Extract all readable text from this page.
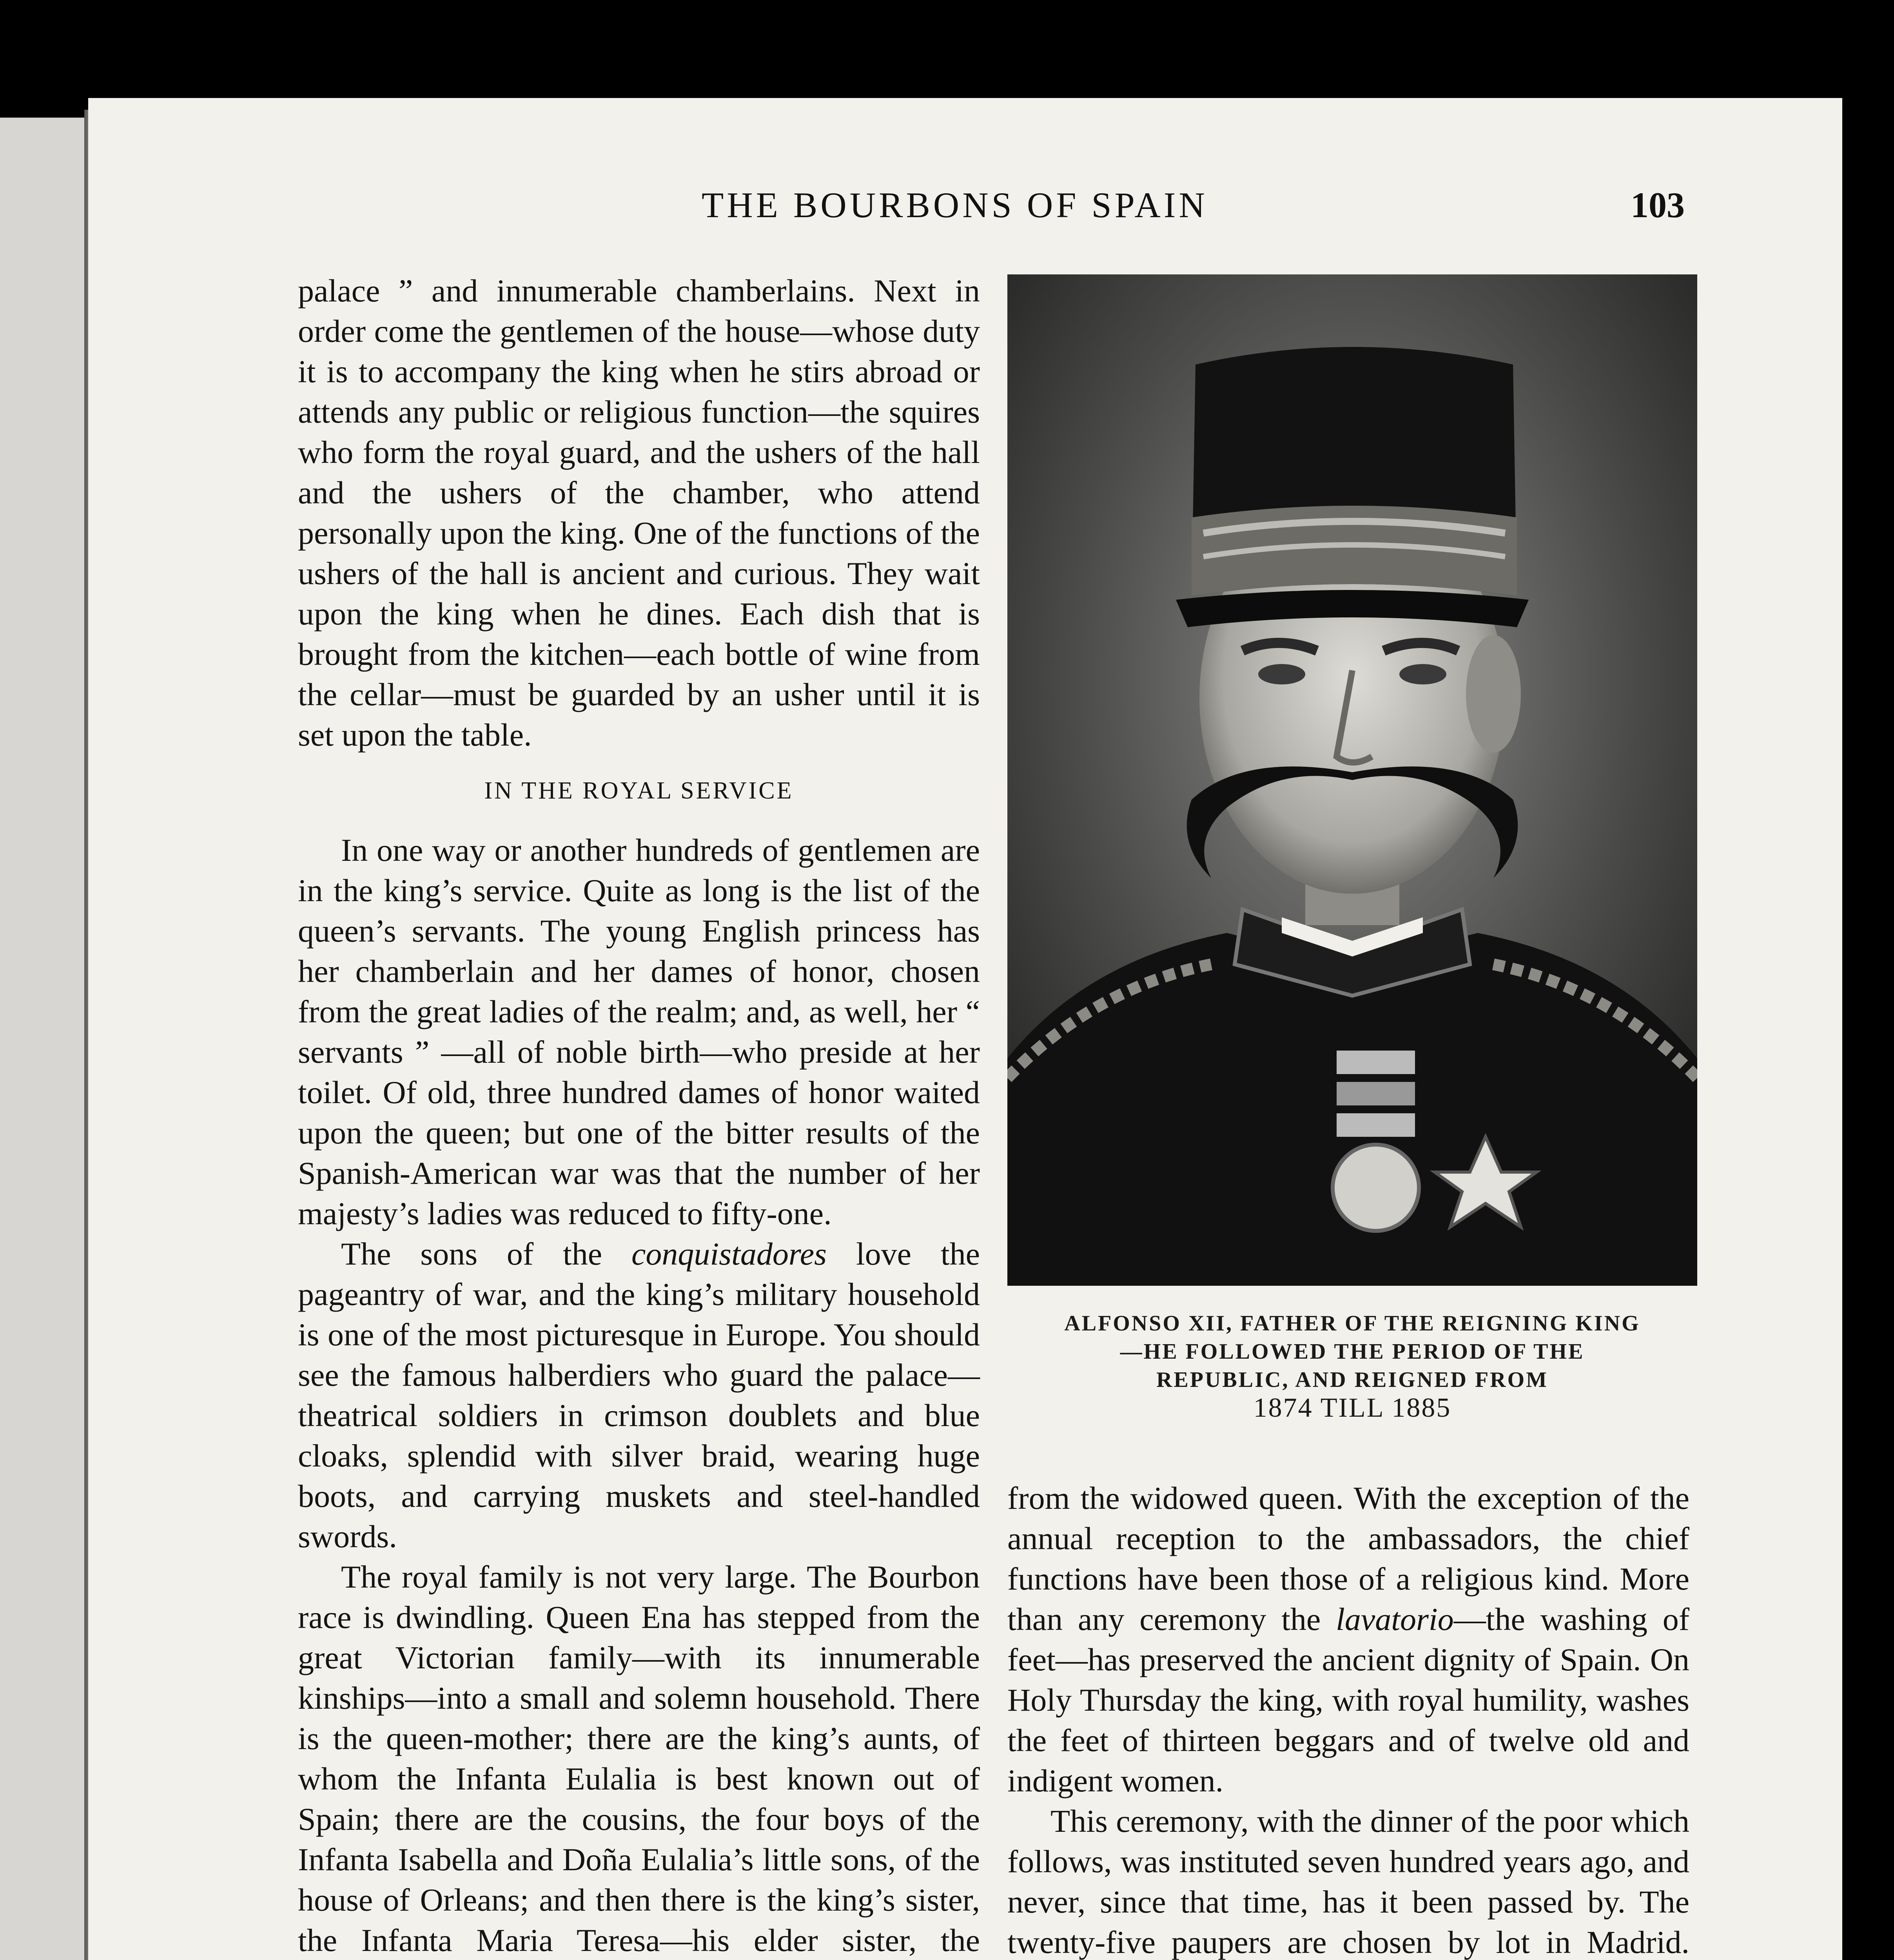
THE BOURBONS OF SPAIN	103

palace ” and innumerable chamberlains. Next in order come the gentlemen of the house—whose duty it is to accompany the king when he stirs abroad or attends any public or religious function—the squires who form the royal guard, and the ushers of the hall and the ushers of the chamber, who attend personally upon the king. One of the functions of the ushers of the hall is ancient and curious. They wait upon the king when he dines. Each dish that is brought from the kitchen—each bottle of wine from the cellar—must be guarded by an usher until it is set upon the table.

IN THE ROYAL SERVICE

In one way or another hundreds of gentlemen are in the king’s service. Quite as long is the list of the queen’s servants. The young English princess has her chamberlain and her dames of honor, chosen from the great ladies of the realm; and, as well, her “ servants ” —all of noble birth—who preside at her toilet. Of old, three hundred dames of honor waited upon the queen; but one of the bitter results of the Spanish-American war was that the number of her majesty’s ladies was reduced to fifty-one.

The sons of the conquistadores love the pageantry of war, and the king’s military household is one of the most picturesque in Europe. You should see the famous halberdiers who guard the palace—theatrical soldiers in crimson doublets and blue cloaks, splendid with silver braid, wearing huge boots, and carrying muskets and steel-handled swords.

The royal family is not very large. The Bourbon race is dwindling. Queen Ena has stepped from the great Victorian family—with its innumerable kinships—into a small and solemn household. There is the queen-mother; there are the king’s aunts, of whom the Infanta Eulalia is best known out of Spain; there are the cousins, the four boys of the Infanta Isabella and Doña Eulalia’s little sons, of the house of Orleans; and then there is the king’s sister, the Infanta Maria Teresa—his elder sister, the

ALFONSO XII, FATHER OF THE REIGNING KING
—HE FOLLOWED THE PERIOD OF THE
REPUBLIC, AND REIGNED FROM
1874 TILL 1885

from the widowed queen. With the exception of the annual reception to the ambassadors, the chief functions have been those of a religious kind. More than any ceremony the lavatorio—the washing of feet—has preserved the ancient dignity of Spain. On Holy Thursday the king, with royal humility, washes the feet of thirteen beggars and of twelve old and indigent women.

This ceremony, with the dinner of the poor which follows, was instituted seven hundred years ago, and never, since that time, has it been passed by. The twenty-five paupers are chosen by lot in Madrid.
